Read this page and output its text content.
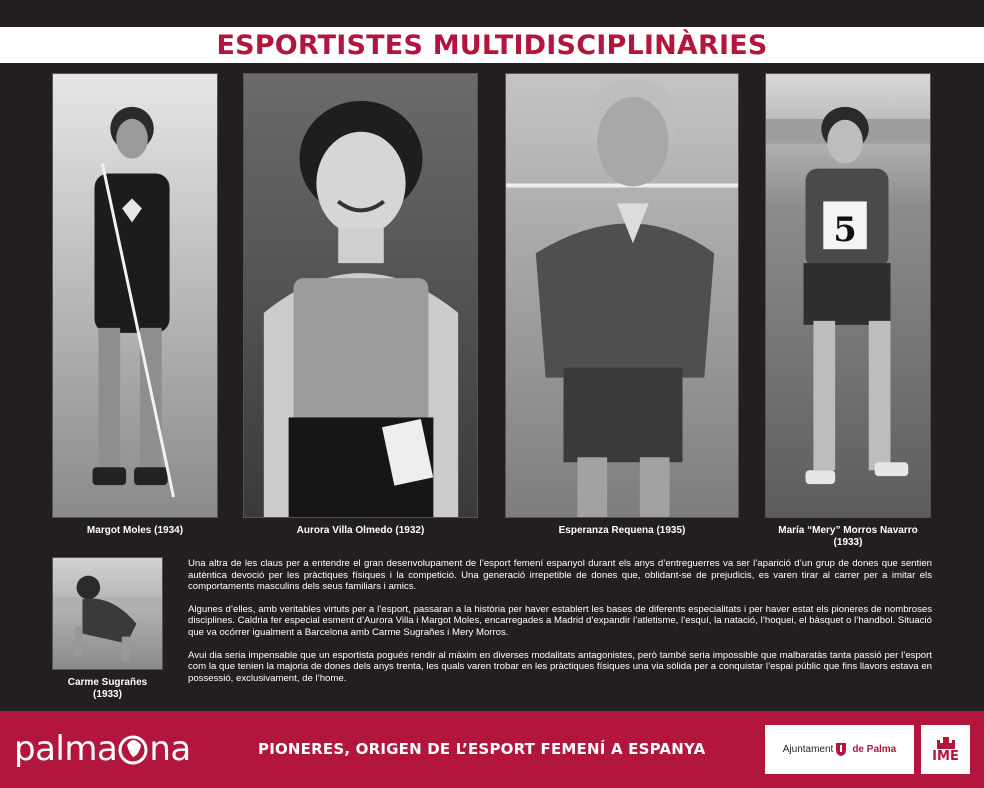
ESPORTISTES MULTIDISCIPLINÀRIES
Margot Moles (1934)	Aurora Villa Olmedo (1932)	Esperanza Requena (1935)
5
María “Mery” Morros Navarro (1933)
Carme Sugrañes (1933)

Una altra de les claus per a entendre el gran desenvolupament de l’esport femení espanyol durant els anys d’entreguerres va ser l’aparició d’un grup de dones que sentien autèntica devoció per les pràctiques físiques i la competició. Una generació irrepetible de dones que, oblidant-se de prejudicis, es varen tirar al carrer per a imitar els comportaments masculins dels seus familiars i amics.

Algunes d’elles, amb veritables virtuts per a l’esport, passaran a la història per haver establert les bases de diferents especialitats i per haver estat els pioneres de nombroses disciplines. Caldria fer especial esment d’Aurora Villa i Margot Moles, encarregades a Madrid d’expandir l’atletisme, l’esquí, la natació, l’hoquei, el bàsquet o l’handbol. Situació que va ocórrer igualment a Barcelona amb Carme Sugrañes i Mery Morros.

Avui dia seria impensable que un esportista pogués rendir al màxim en diverses modalitats antagonistes, però també seria impossible que malbaratàs tanta passió per l’esport com la que tenien la majoria de dones dels anys trenta, les quals varen trobar en les pràctiques físiques una via sòlida per a conquistar l’espai públic que fins llavors estava en possessió, exclusivament, de l’home.

palma na	PIONERES, ORIGEN DE L’ESPORT FEMENÍ A ESPANYA	Ajuntament de Palma	IME
